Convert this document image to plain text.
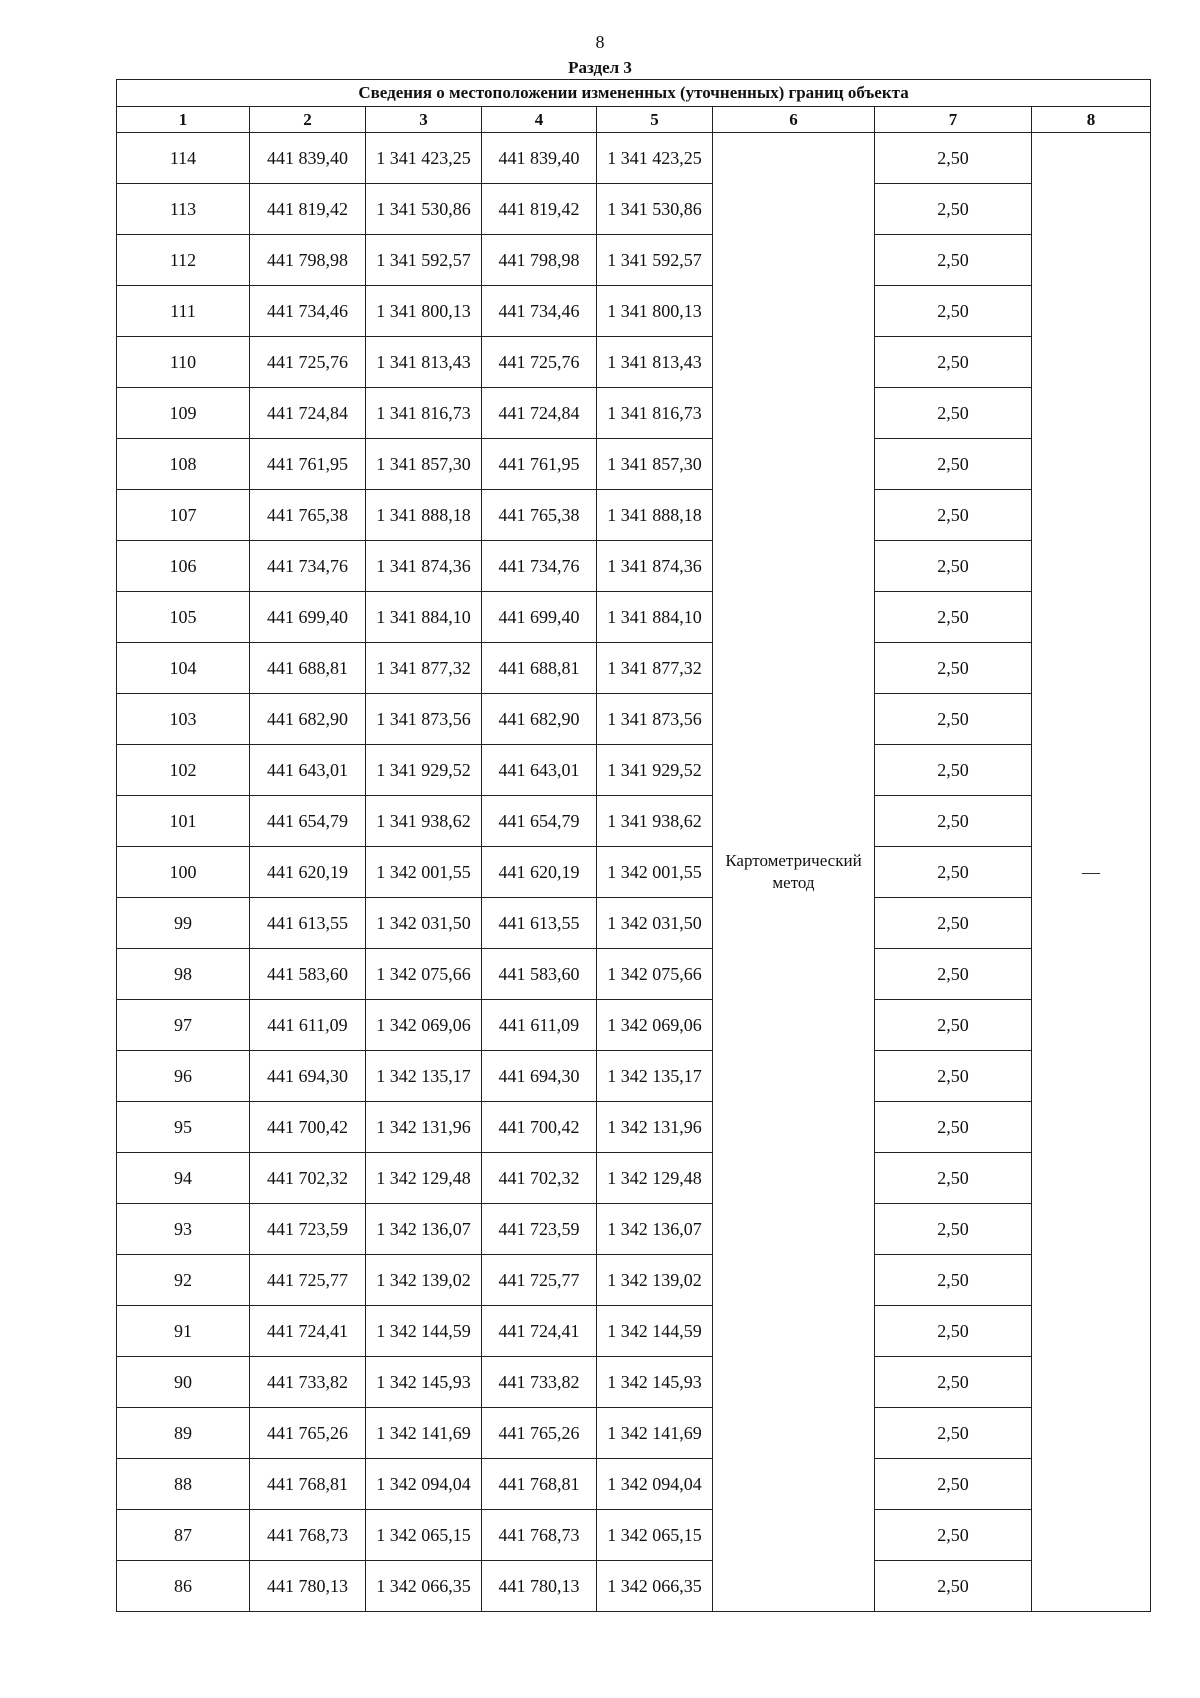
8
Раздел 3
Сведения о местоположении измененных (уточненных) границ объекта							
1	2	3	4	5	6	7	8
114	441 839,40	1 341 423,25	441 839,40	1 341 423,25	Картометрический метод	2,50	—
113	441 819,42	1 341 530,86	441 819,42	1 341 530,86		2,50	
112	441 798,98	1 341 592,57	441 798,98	1 341 592,57		2,50	
111	441 734,46	1 341 800,13	441 734,46	1 341 800,13		2,50	
110	441 725,76	1 341 813,43	441 725,76	1 341 813,43		2,50	
109	441 724,84	1 341 816,73	441 724,84	1 341 816,73		2,50	
108	441 761,95	1 341 857,30	441 761,95	1 341 857,30		2,50	
107	441 765,38	1 341 888,18	441 765,38	1 341 888,18		2,50	
106	441 734,76	1 341 874,36	441 734,76	1 341 874,36		2,50	
105	441 699,40	1 341 884,10	441 699,40	1 341 884,10		2,50	
104	441 688,81	1 341 877,32	441 688,81	1 341 877,32		2,50	
103	441 682,90	1 341 873,56	441 682,90	1 341 873,56		2,50	
102	441 643,01	1 341 929,52	441 643,01	1 341 929,52		2,50	
101	441 654,79	1 341 938,62	441 654,79	1 341 938,62		2,50	
100	441 620,19	1 342 001,55	441 620,19	1 342 001,55		2,50	
99	441 613,55	1 342 031,50	441 613,55	1 342 031,50		2,50	
98	441 583,60	1 342 075,66	441 583,60	1 342 075,66		2,50	
97	441 611,09	1 342 069,06	441 611,09	1 342 069,06		2,50	
96	441 694,30	1 342 135,17	441 694,30	1 342 135,17		2,50	
95	441 700,42	1 342 131,96	441 700,42	1 342 131,96		2,50	
94	441 702,32	1 342 129,48	441 702,32	1 342 129,48		2,50	
93	441 723,59	1 342 136,07	441 723,59	1 342 136,07		2,50	
92	441 725,77	1 342 139,02	441 725,77	1 342 139,02		2,50	
91	441 724,41	1 342 144,59	441 724,41	1 342 144,59		2,50	
90	441 733,82	1 342 145,93	441 733,82	1 342 145,93		2,50	
89	441 765,26	1 342 141,69	441 765,26	1 342 141,69		2,50	
88	441 768,81	1 342 094,04	441 768,81	1 342 094,04		2,50	
87	441 768,73	1 342 065,15	441 768,73	1 342 065,15		2,50	
86	441 780,13	1 342 066,35	441 780,13	1 342 066,35		2,50	
